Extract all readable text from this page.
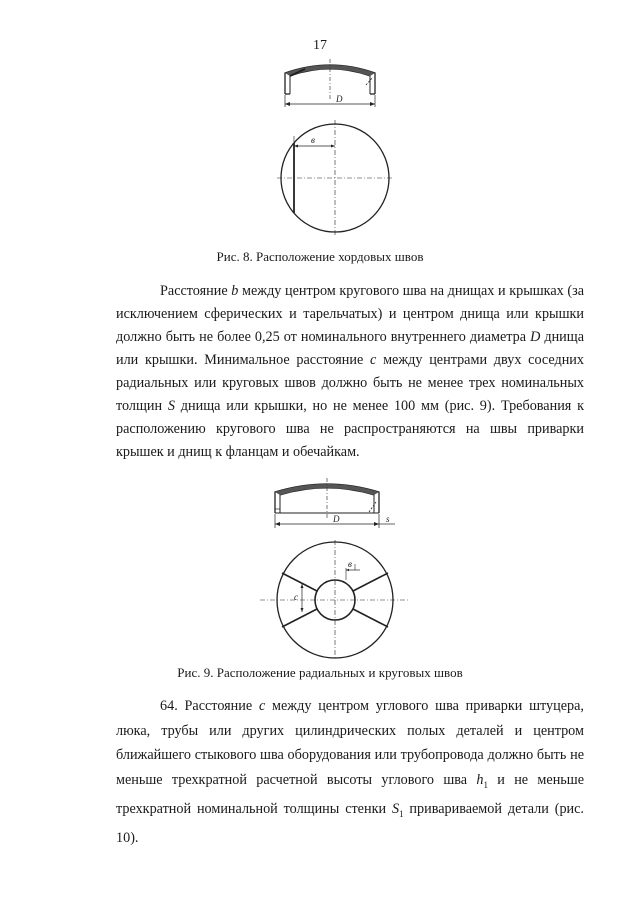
17
D
в
Рис. 8. Расположение хордовых швов

Расстояние b между центром кругового шва на днищах и крышках (за исключением сферических и тарельчатых) и центром днища или крышки должно быть не более 0,25 от номинального внутреннего диаметра D днища или крышки. Минимальное расстояние c между центрами двух соседних радиальных или круговых швов должно быть не менее трех номинальных толщин S днища или крышки, но не менее 100 мм (рис. 9). Требования к расположению кругового шва не распространяются на швы приварки крышек и днищ к фланцам и обечайкам.

D	s
c
в
Рис. 9. Расположение радиальных и круговых швов

64. Расстояние c между центром углового шва приварки штуцера, люка, трубы или других цилиндрических полых деталей и центром ближайшего стыкового шва оборудования или трубопровода должно быть не меньше трехкратной расчетной высоты углового шва $h_1$ и не меньше трехкратной номинальной толщины стенки $S_1$ привариваемой детали (рис. 10).
